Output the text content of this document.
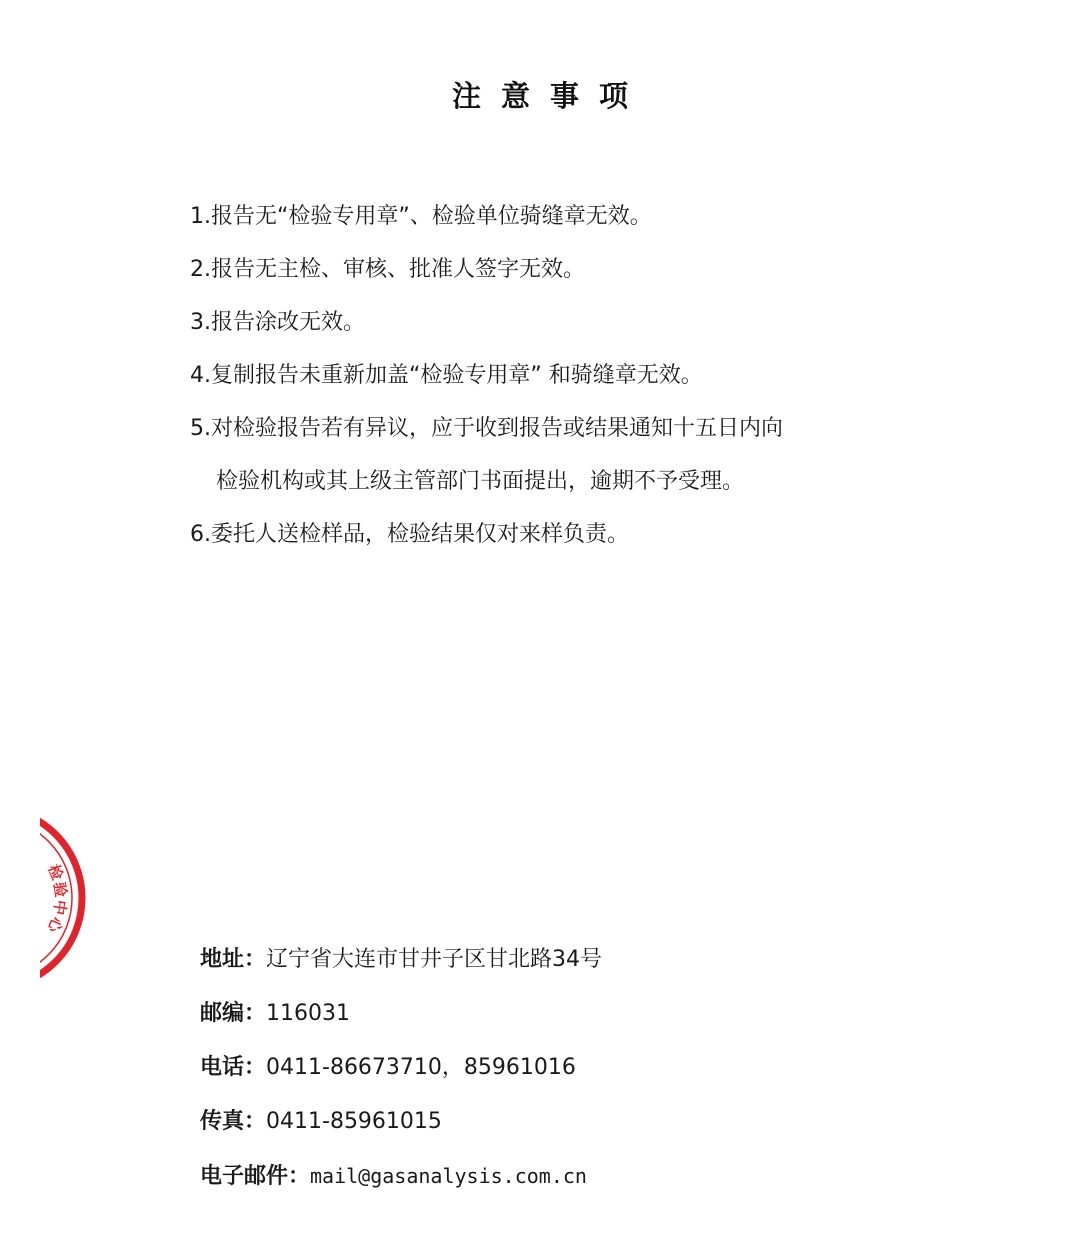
注意事项
1.报告无“检验专用章”、检验单位骑缝章无效。
2.报告无主检、审核、批准人签字无效。
3.报告涂改无效。
4.复制报告未重新加盖“检验专用章” 和骑缝章无效。
5.对检验报告若有异议，应于收到报告或结果通知十五日内向
检验机构或其上级主管部门书面提出，逾期不予受理。
6.委托人送检样品，检验结果仅对来样负责。
检
验
中
心
地址：辽宁省大连市甘井子区甘北路34号
邮编：116031
电话：0411-86673710，85961016
传真：0411-85961015
电子邮件：mail@gasanalysis.com.cn
